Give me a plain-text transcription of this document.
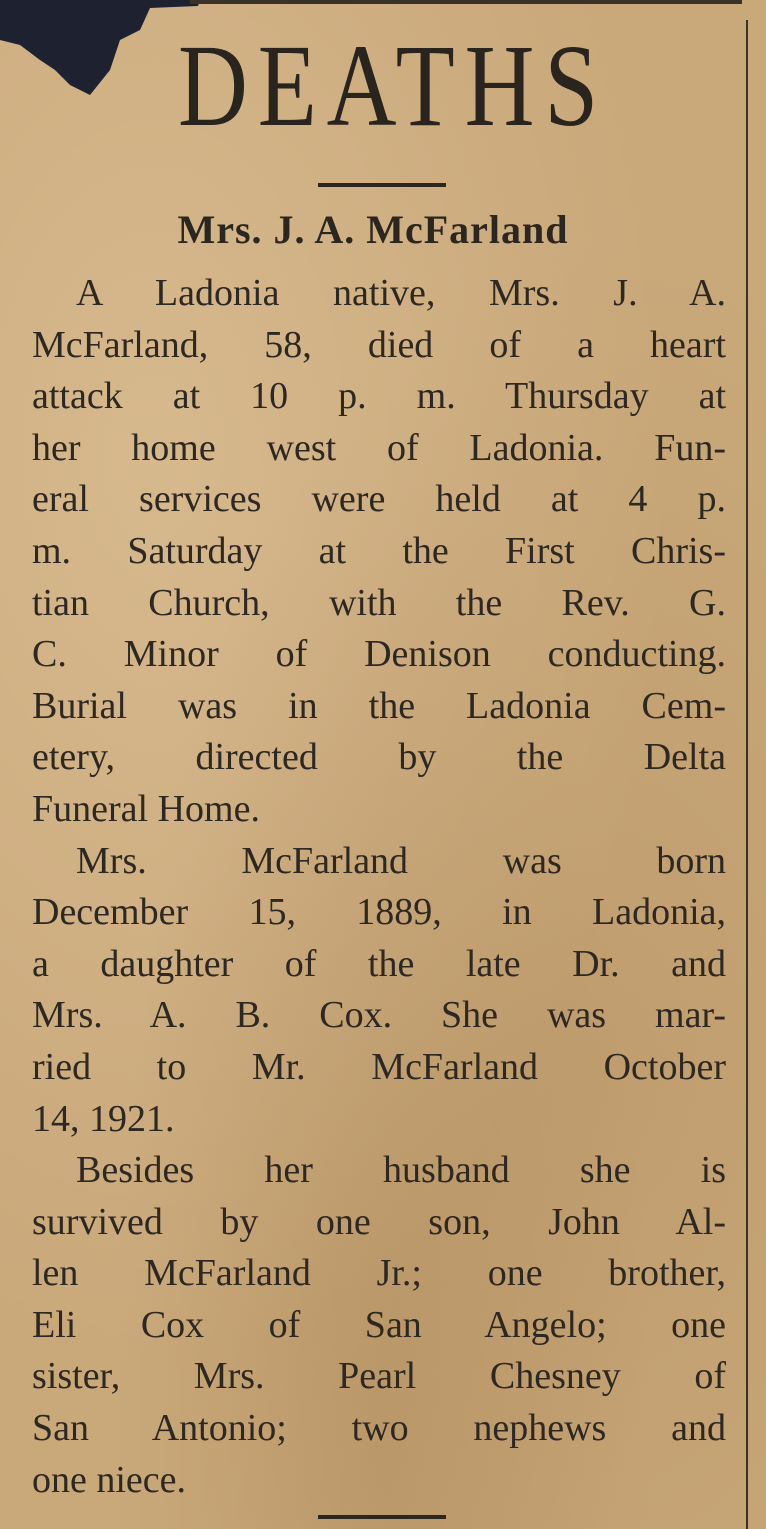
DEATHS
Mrs. J. A. McFarland
A Ladonia native, Mrs. J. A.
McFarland, 58, died of a heart
attack at 10 p. m. Thursday at
her home west of Ladonia. Fun-
eral services were held at 4 p.
m. Saturday at the First Chris-
tian Church, with the Rev. G.
C. Minor of Denison conducting.
Burial was in the Ladonia Cem-
etery, directed by the Delta
Funeral Home.
Mrs. McFarland was born
December 15, 1889, in Ladonia,
a daughter of the late Dr. and
Mrs. A. B. Cox. She was mar-
ried to Mr. McFarland October
14, 1921.
Besides her husband she is
survived by one son, John Al-
len McFarland Jr.; one brother,
Eli Cox of San Angelo; one
sister, Mrs. Pearl Chesney of
San Antonio; two nephews and
one niece.
